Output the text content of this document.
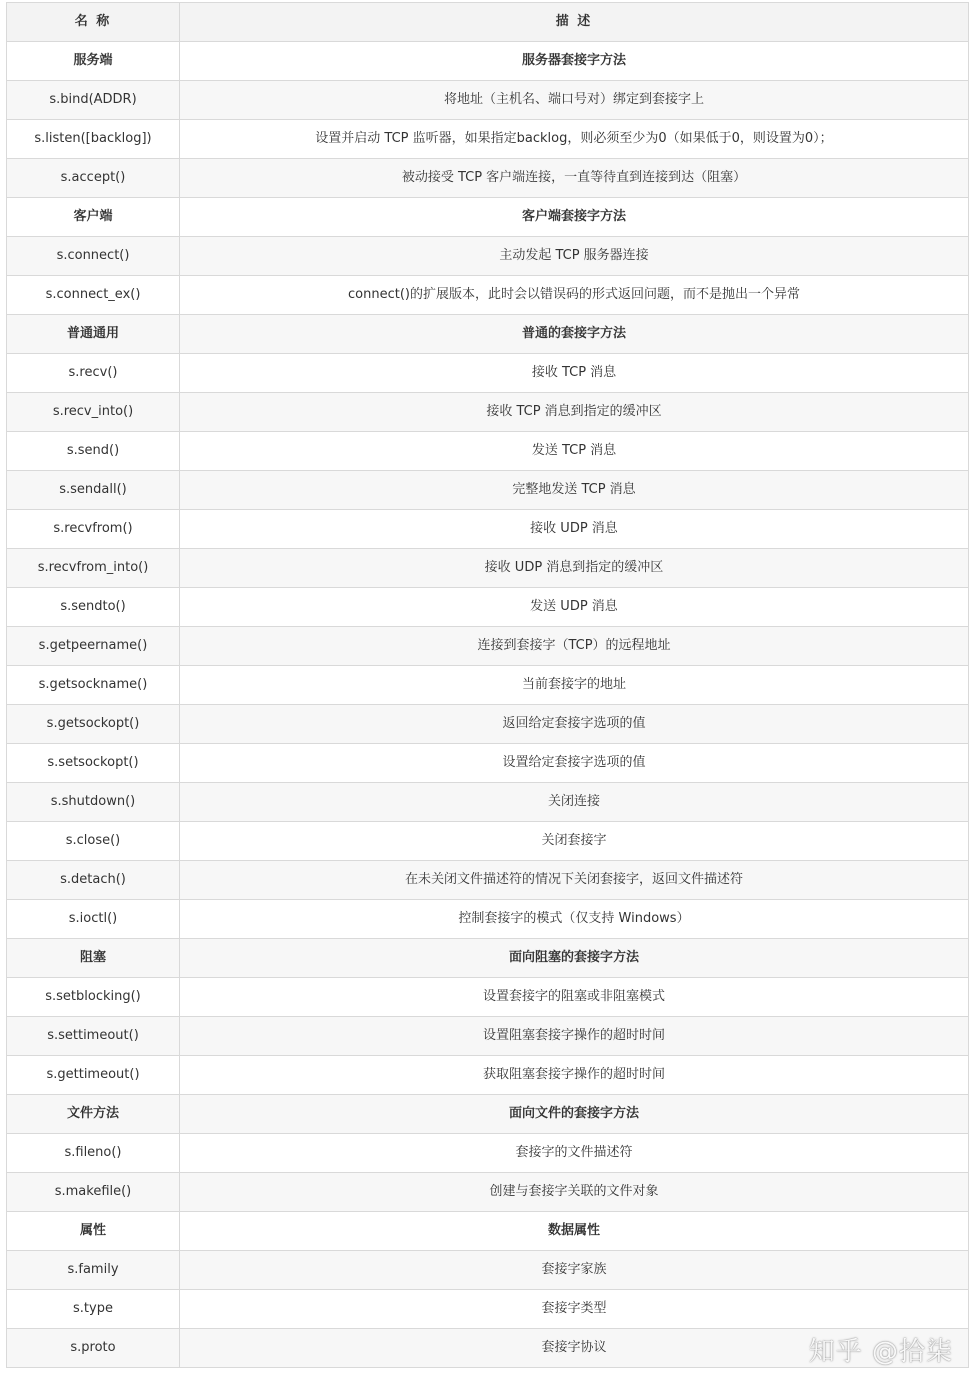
名 称	描 述
服务端	服务器套接字方法
s.bind(ADDR)	将地址（主机名、端口号对）绑定到套接字上
s.listen([backlog])	设置并启动 TCP 监听器，如果指定backlog，则必须至少为0（如果低于0，则设置为0）；
s.accept()	被动接受 TCP 客户端连接，一直等待直到连接到达（阻塞）
客户端	客户端套接字方法
s.connect()	主动发起 TCP 服务器连接
s.connect_ex()	connect()的扩展版本，此时会以错误码的形式返回问题，而不是抛出一个异常
普通通用	普通的套接字方法
s.recv()	接收 TCP 消息
s.recv_into()	接收 TCP 消息到指定的缓冲区
s.send()	发送 TCP 消息
s.sendall()	完整地发送 TCP 消息
s.recvfrom()	接收 UDP 消息
s.recvfrom_into()	接收 UDP 消息到指定的缓冲区
s.sendto()	发送 UDP 消息
s.getpeername()	连接到套接字（TCP）的远程地址
s.getsockname()	当前套接字的地址
s.getsockopt()	返回给定套接字选项的值
s.setsockopt()	设置给定套接字选项的值
s.shutdown()	关闭连接
s.close()	关闭套接字
s.detach()	在未关闭文件描述符的情况下关闭套接字，返回文件描述符
s.ioctl()	控制套接字的模式（仅支持 Windows）
阻塞	面向阻塞的套接字方法
s.setblocking()	设置套接字的阻塞或非阻塞模式
s.settimeout()	设置阻塞套接字操作的超时时间
s.gettimeout()	获取阻塞套接字操作的超时时间
文件方法	面向文件的套接字方法
s.fileno()	套接字的文件描述符
s.makefile()	创建与套接字关联的文件对象
属性	数据属性
s.family	套接字家族
s.type	套接字类型
s.proto	套接字协议	知乎 @拾柒
